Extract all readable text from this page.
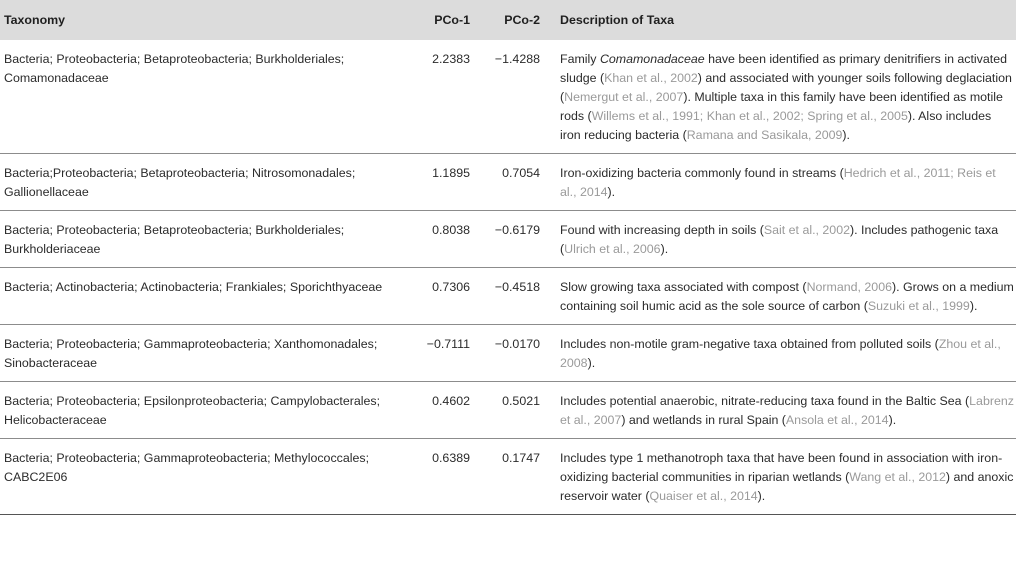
Taxonomy	PCo-1	PCo-2	Description of Taxa
Bacteria; Proteobacteria; Betaproteobacteria; Burkholderiales; Comamonadaceae	2.2383	−1.4288	Family Comamonadaceae have been identified as primary denitrifiers in activated sludge (Khan et al., 2002) and associated with younger soils following deglaciation (Nemergut et al., 2007). Multiple taxa in this family have been identified as motile rods (Willems et al., 1991; Khan et al., 2002; Spring et al., 2005). Also includes iron reducing bacteria (Ramana and Sasikala, 2009).
Bacteria;Proteobacteria; Betaproteobacteria; Nitrosomonadales; Gallionellaceae	1.1895	0.7054	Iron-oxidizing bacteria commonly found in streams (Hedrich et al., 2011; Reis et al., 2014).
Bacteria; Proteobacteria; Betaproteobacteria; Burkholderiales; Burkholderiaceae	0.8038	−0.6179	Found with increasing depth in soils (Sait et al., 2002). Includes pathogenic taxa (Ulrich et al., 2006).
Bacteria; Actinobacteria; Actinobacteria; Frankiales; Sporichthyaceae	0.7306	−0.4518	Slow growing taxa associated with compost (Normand, 2006). Grows on a medium containing soil humic acid as the sole source of carbon (Suzuki et al., 1999).
Bacteria; Proteobacteria; Gammaproteobacteria; Xanthomonadales; Sinobacteraceae	−0.7111	−0.0170	Includes non-motile gram-negative taxa obtained from polluted soils (Zhou et al., 2008).
Bacteria; Proteobacteria; Epsilonproteobacteria; Campylobacterales; Helicobacteraceae	0.4602	0.5021	Includes potential anaerobic, nitrate-reducing taxa found in the Baltic Sea (Labrenz et al., 2007) and wetlands in rural Spain (Ansola et al., 2014).
Bacteria; Proteobacteria; Gammaproteobacteria; Methylococcales; CABC2E06	0.6389	0.1747	Includes type 1 methanotroph taxa that have been found in association with iron-oxidizing bacterial communities in riparian wetlands (Wang et al., 2012) and anoxic reservoir water (Quaiser et al., 2014).
